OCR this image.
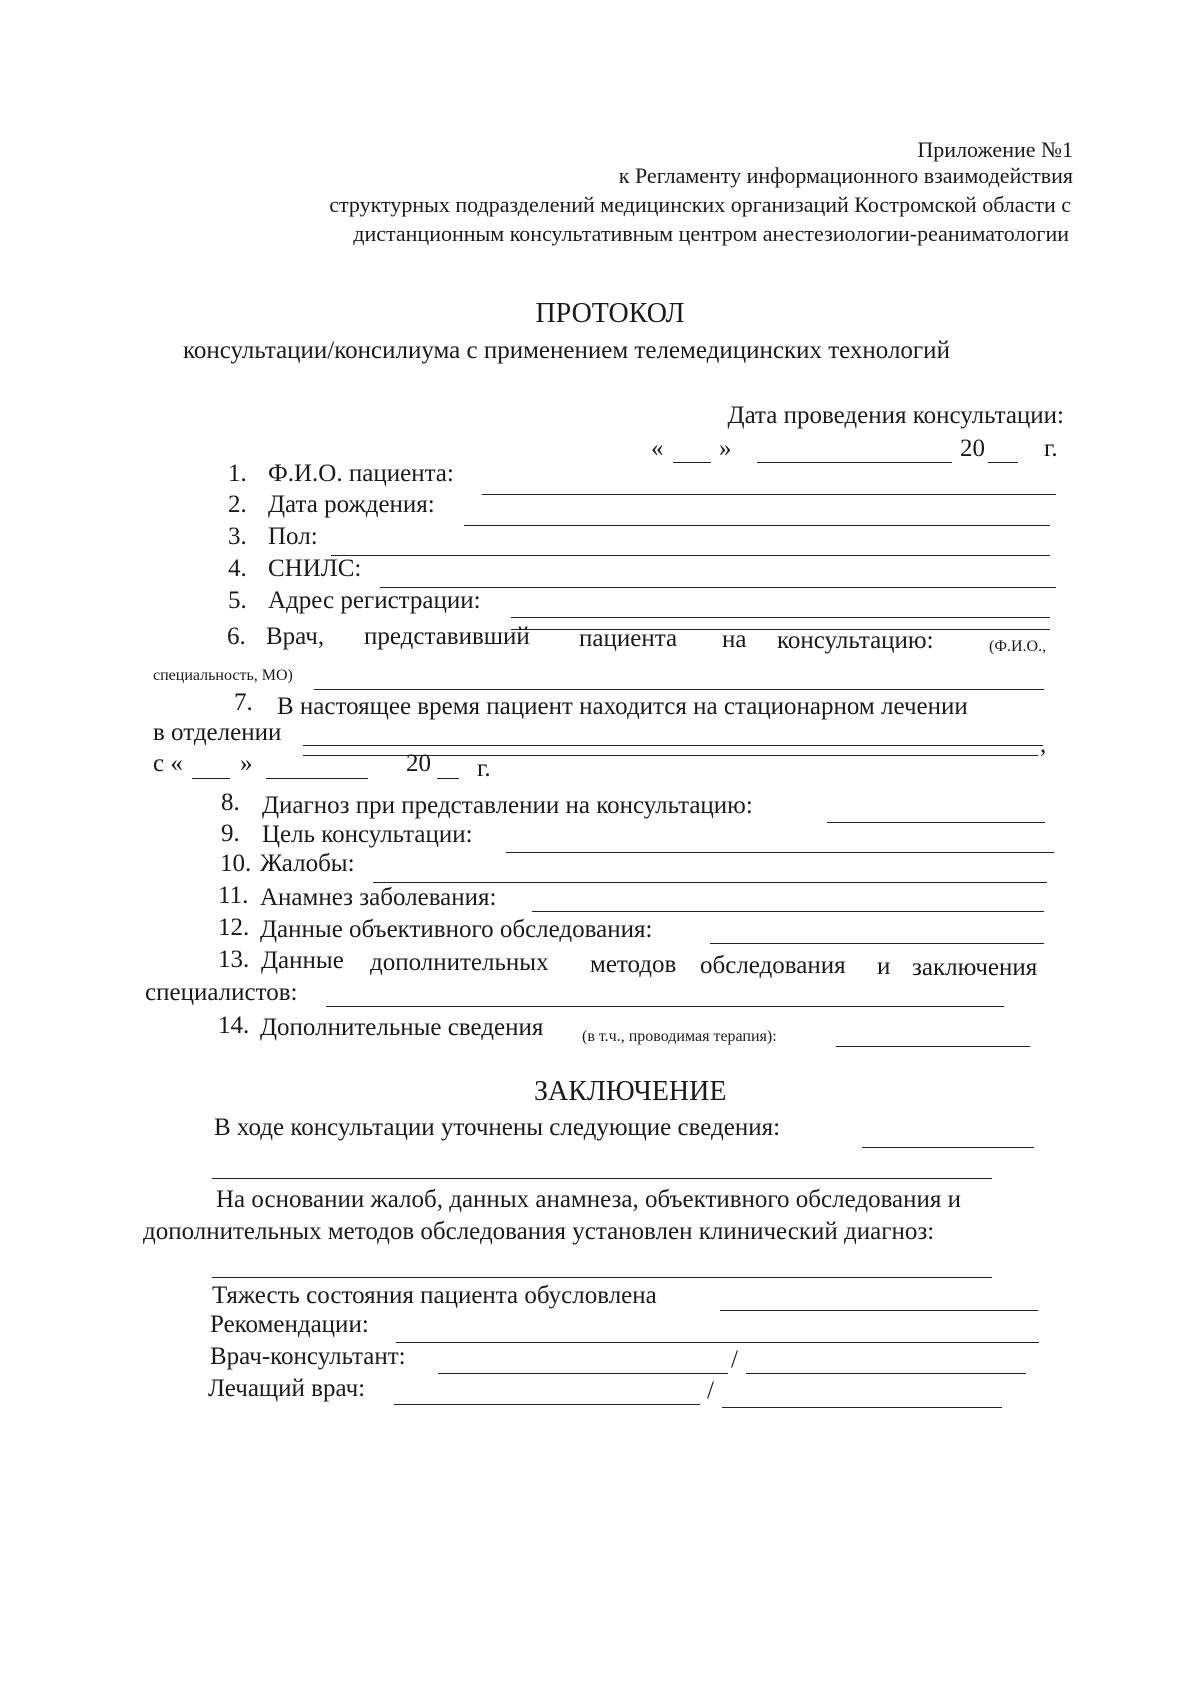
Приложение №1
к Регламенту информационного взаимодействия
структурных подразделений медицинских организаций Костромской области с
дистанционным консультативным центром анестезиологии-реаниматологии
ПРОТОКОЛ
консультации/консилиума с применением телемедицинских технологий
Дата проведения консультации:
« »	20 г.
1. Ф.И.О. пациента:
2. Дата рождения:
3. Пол:
4. СНИЛС:
5. Адрес регистрации:
6. Врач, представивший пациента на консультацию:	(Ф.И.О.,
специальность, МО)
7. В настоящее время пациент находится на стационарном лечении
в отделении	,
с « »	20 г.
8. Диагноз при представлении на консультацию:
9. Цель консультации:
10. Жалобы:
11. Анамнез заболевания:
12. Данные объективного обследования:
13. Данные дополнительных методов обследования и заключения
специалистов:
14. Дополнительные сведения (в т.ч., проводимая терапия):
ЗАКЛЮЧЕНИЕ
В ходе консультации уточнены следующие сведения:
На основании жалоб, данных анамнеза, объективного обследования и
дополнительных методов обследования установлен клинический диагноз:
Тяжесть состояния пациента обусловлена
Рекомендации:
Врач-консультант:	/
Лечащий врач:	/
